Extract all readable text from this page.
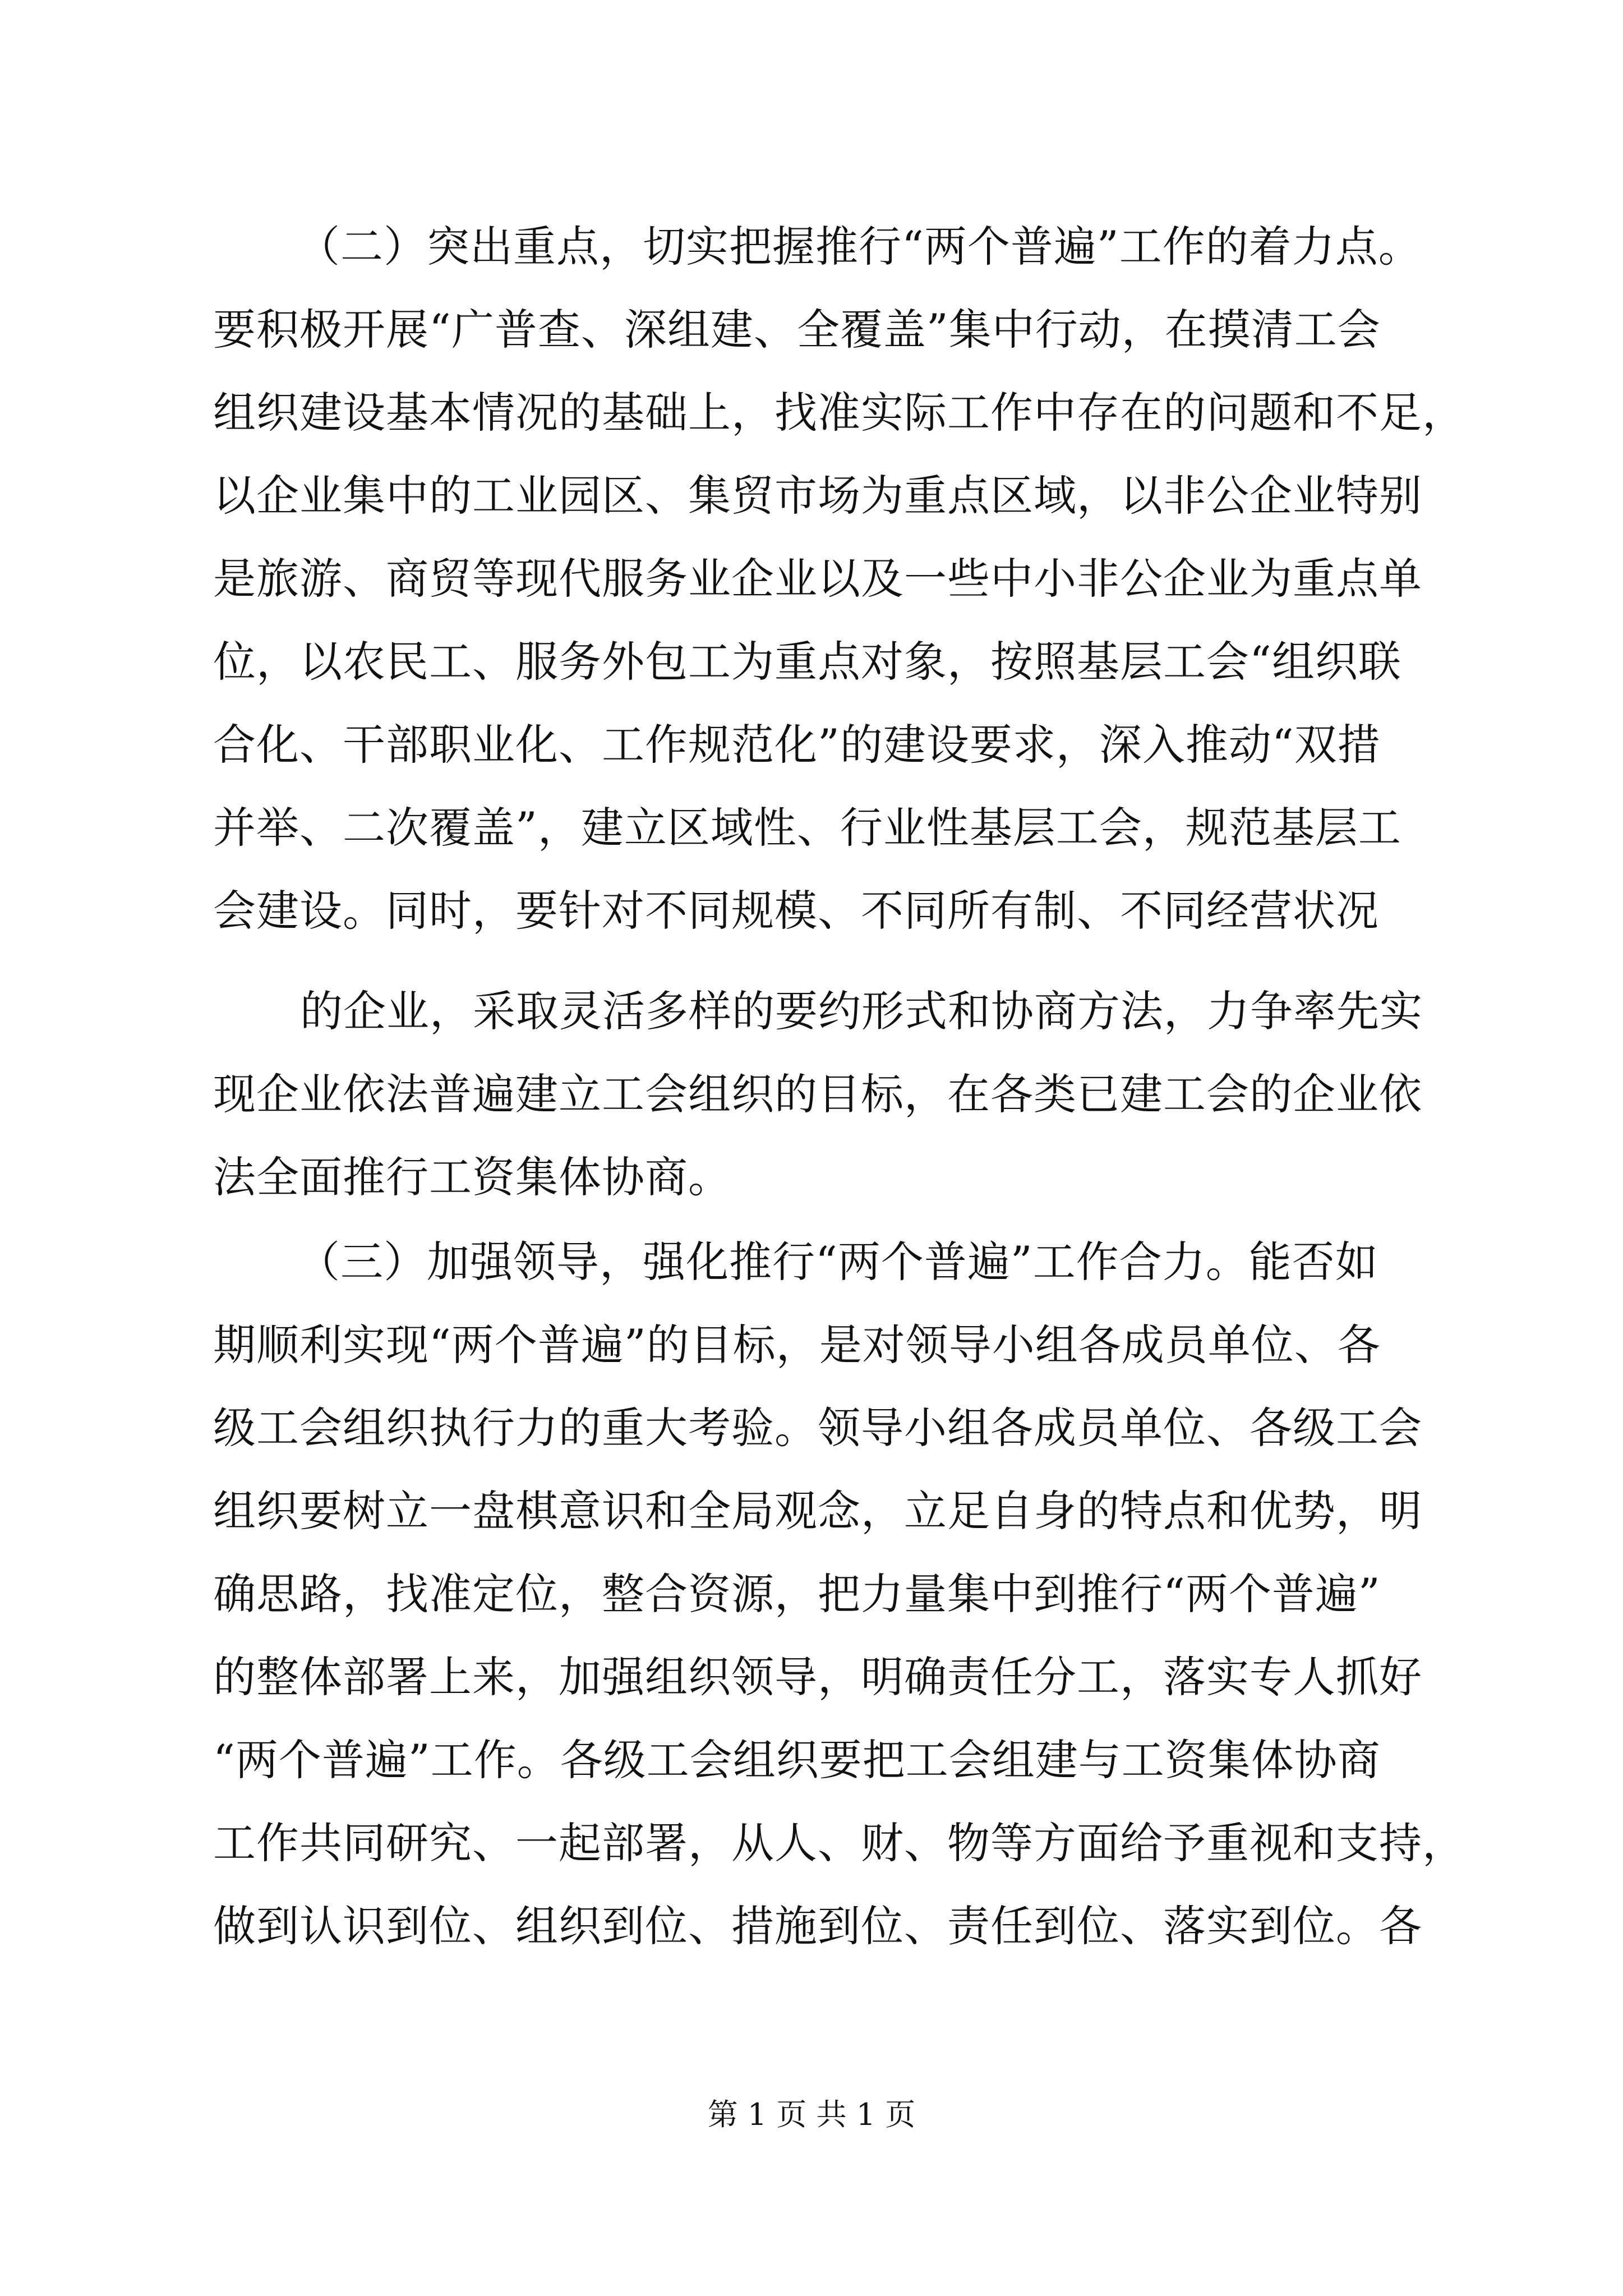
（二）突出重点，切实把握推行“两个普遍”工作的着力点。
要积极开展“广普查、深组建、全覆盖”集中行动，在摸清工会
组织建设基本情况的基础上，找准实际工作中存在的问题和不足，
以企业集中的工业园区、集贸市场为重点区域，以非公企业特别
是旅游、商贸等现代服务业企业以及一些中小非公企业为重点单
位，以农民工、服务外包工为重点对象，按照基层工会“组织联
合化、干部职业化、工作规范化”的建设要求，深入推动“双措
并举、二次覆盖”，建立区域性、行业性基层工会，规范基层工
会建设。同时，要针对不同规模、不同所有制、不同经营状况
的企业，采取灵活多样的要约形式和协商方法，力争率先实
现企业依法普遍建立工会组织的目标，在各类已建工会的企业依
法全面推行工资集体协商。
（三）加强领导，强化推行“两个普遍”工作合力。能否如
期顺利实现“两个普遍”的目标，是对领导小组各成员单位、各
级工会组织执行力的重大考验。领导小组各成员单位、各级工会
组织要树立一盘棋意识和全局观念，立足自身的特点和优势，明
确思路，找准定位，整合资源，把力量集中到推行“两个普遍”
的整体部署上来，加强组织领导，明确责任分工，落实专人抓好
“两个普遍”工作。各级工会组织要把工会组建与工资集体协商
工作共同研究、一起部署，从人、财、物等方面给予重视和支持，
做到认识到位、组织到位、措施到位、责任到位、落实到位。各
第 1 页 共 1 页
